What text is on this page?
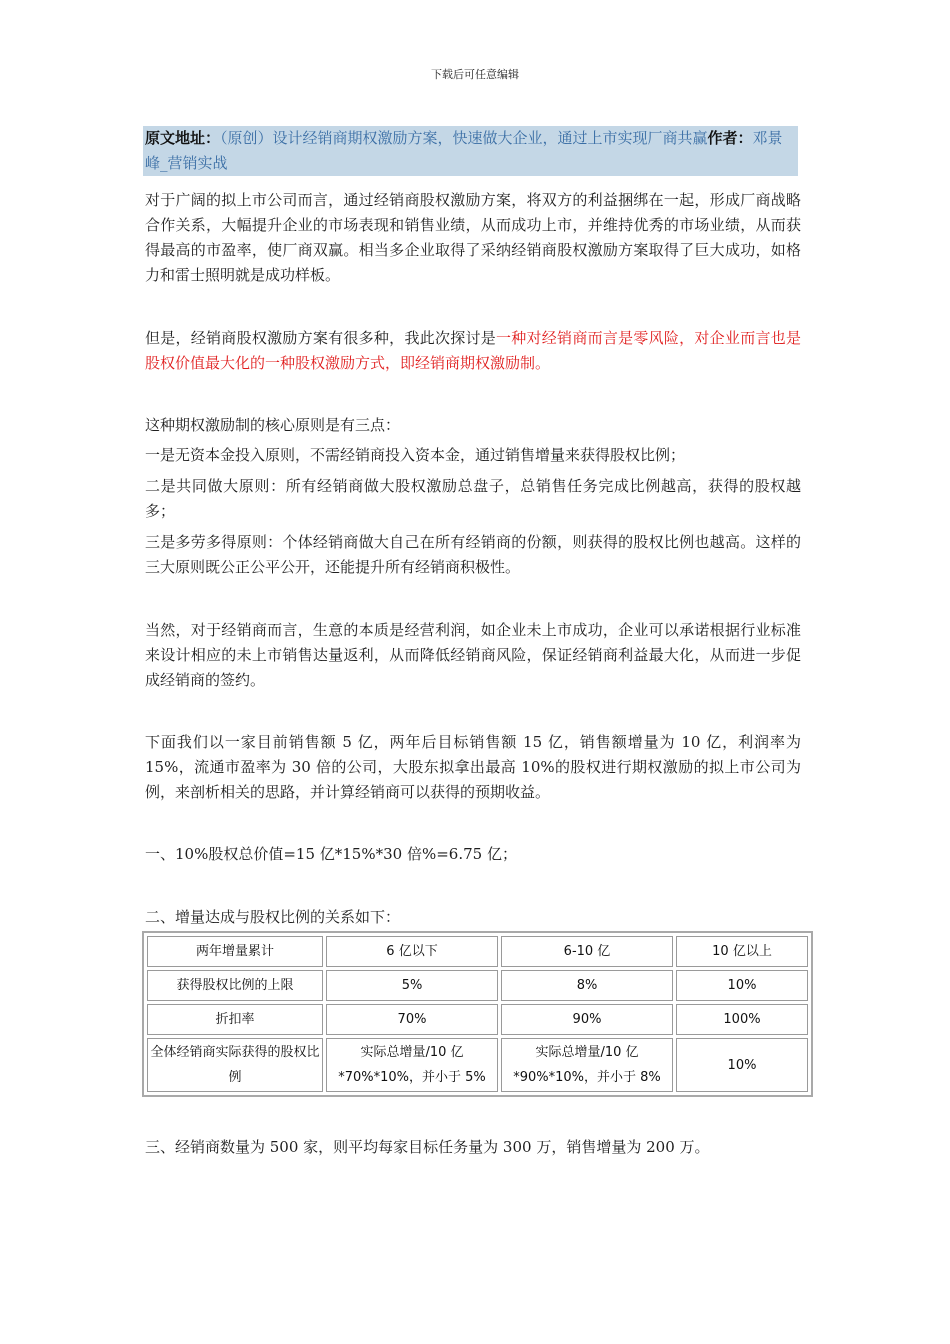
下载后可任意编辑
原文地址：（原创）设计经销商期权激励方案，快速做大企业，通过上市实现厂商共赢作者：邓景峰_营销实战
对于广阔的拟上市公司而言，通过经销商股权激励方案，将双方的利益捆绑在一起，形成厂商战略合作关系，大幅提升企业的市场表现和销售业绩，从而成功上市，并维持优秀的市场业绩，从而获得最高的市盈率，使厂商双赢。相当多企业取得了采纳经销商股权激励方案取得了巨大成功，如格力和雷士照明就是成功样板。
但是，经销商股权激励方案有很多种，我此次探讨是一种对经销商而言是零风险，对企业而言也是股权价值最大化的一种股权激励方式，即经销商期权激励制。
这种期权激励制的核心原则是有三点：
一是无资本金投入原则，不需经销商投入资本金，通过销售增量来获得股权比例；
二是共同做大原则：所有经销商做大股权激励总盘子，总销售任务完成比例越高，获得的股权越多；
三是多劳多得原则：个体经销商做大自己在所有经销商的份额，则获得的股权比例也越高。这样的三大原则既公正公平公开，还能提升所有经销商积极性。
当然，对于经销商而言，生意的本质是经营利润，如企业未上市成功，企业可以承诺根据行业标准来设计相应的未上市销售达量返利，从而降低经销商风险，保证经销商利益最大化，从而进一步促成经销商的签约。
下面我们以一家目前销售额 5 亿，两年后目标销售额 15 亿，销售额增量为 10 亿，利润率为 15%，流通市盈率为 30 倍的公司，大股东拟拿出最高 10%的股权进行期权激励的拟上市公司为例，来剖析相关的思路，并计算经销商可以获得的预期收益。
一、10%股权总价值=15 亿*15%*30 倍%=6.75 亿；
二、增量达成与股权比例的关系如下：
两年增量累计	6 亿以下	6-10 亿	10 亿以上
获得股权比例的上限	5%	8%	10%
折扣率	70%	90%	100%
全体经销商实际获得的股权比例	实际总增量/10 亿*70%*10%，并小于 5%	实际总增量/10 亿*90%*10%，并小于 8%	10%
三、经销商数量为 500 家，则平均每家目标任务量为 300 万，销售增量为 200 万。
